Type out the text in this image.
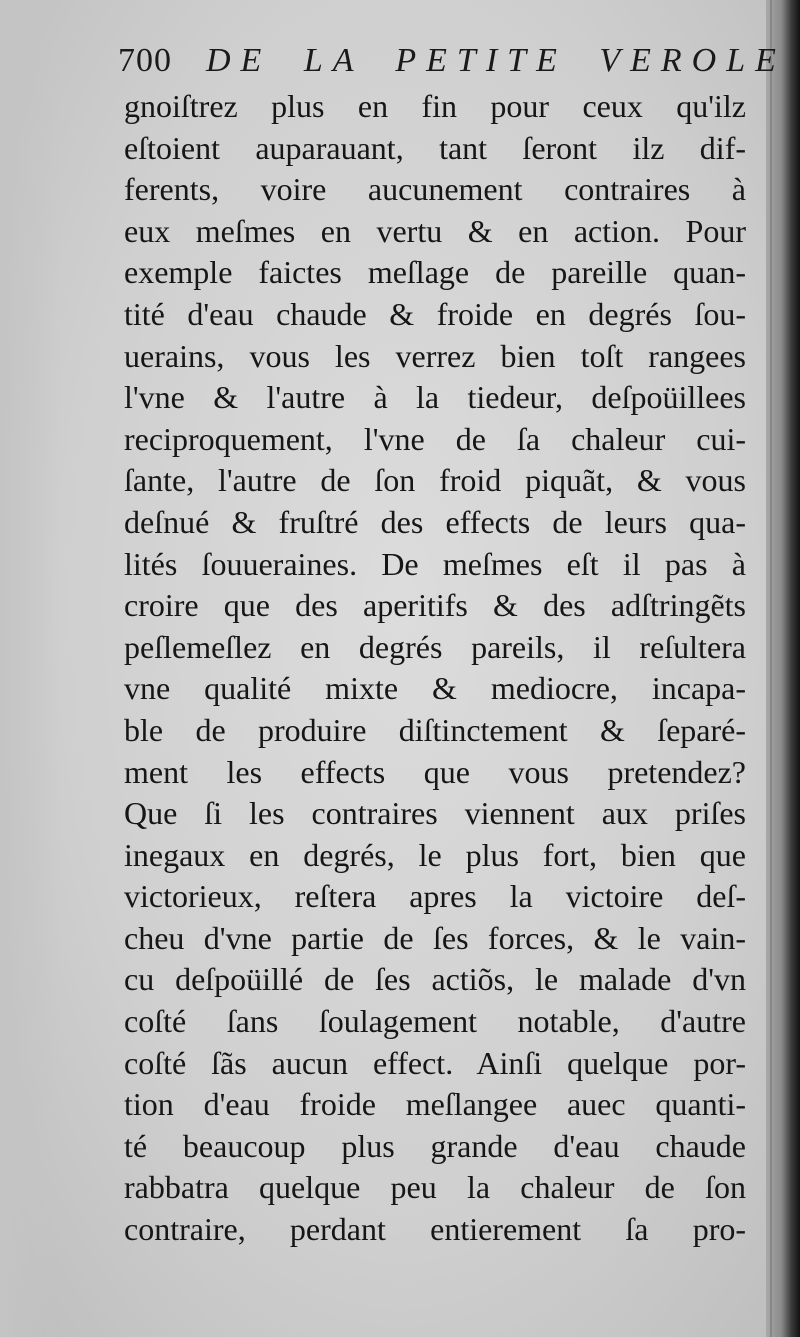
700 DE LA PETITE VEROLE
gnoiſtrez plus en fin pour ceux qu'ilz
eſtoient auparauant, tant ſeront ilz dif-
ferents, voire aucunement contraires à
eux meſmes en vertu & en action. Pour
exemple faictes meſlage de pareille quan-
tité d'eau chaude & froide en degrés ſou-
uerains, vous les verrez bien toſt rangees
l'vne & l'autre à la tiedeur, deſpoüillees
reciproquement, l'vne de ſa chaleur cui-
ſante, l'autre de ſon froid piquãt, & vous
deſnué & fruſtré des effects de leurs qua-
lités ſouueraines. De meſmes eſt il pas à
croire que des aperitifs & des adſtringẽts
peſlemeſlez en degrés pareils, il reſultera
vne qualité mixte & mediocre, incapa-
ble de produire diſtinctement & ſeparé-
ment les effects que vous pretendez?
Que ſi les contraires viennent aux priſes
inegaux en degrés, le plus fort, bien que
victorieux, reſtera apres la victoire deſ-
cheu d'vne partie de ſes forces, & le vain-
cu deſpoüillé de ſes actiõs, le malade d'vn
coſté ſans ſoulagement notable, d'autre
coſté ſãs aucun effect. Ainſi quelque por-
tion d'eau froide meſlangee auec quanti-
té beaucoup plus grande d'eau chaude
rabbatra quelque peu la chaleur de ſon
contraire, perdant entierement ſa pro-
